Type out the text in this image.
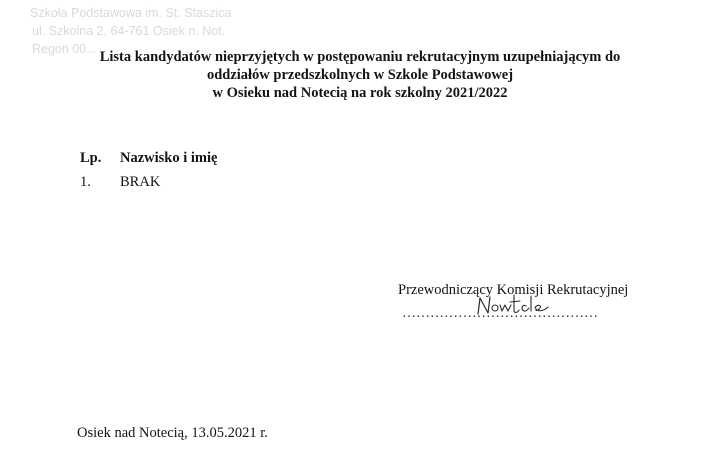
Szkoła Podstawowa im. St. Staszica
ul. Szkolna 2, 64-761 Osiek n. Not.
Regon 00... Lista kandydatów nieprzyjętych w postępowaniu rekrutacyjnym uzupełniającym do
oddziałów przedszkolnych w Szkole Podstawowej
w Osieku nad Notecią na rok szkolny 2021/2022
Lp. Nazwisko i imię
1. BRAK
Przewodniczący Komisji Rekrutacyjnej
……………………………………
Osiek nad Notecią, 13.05.2021 r.
